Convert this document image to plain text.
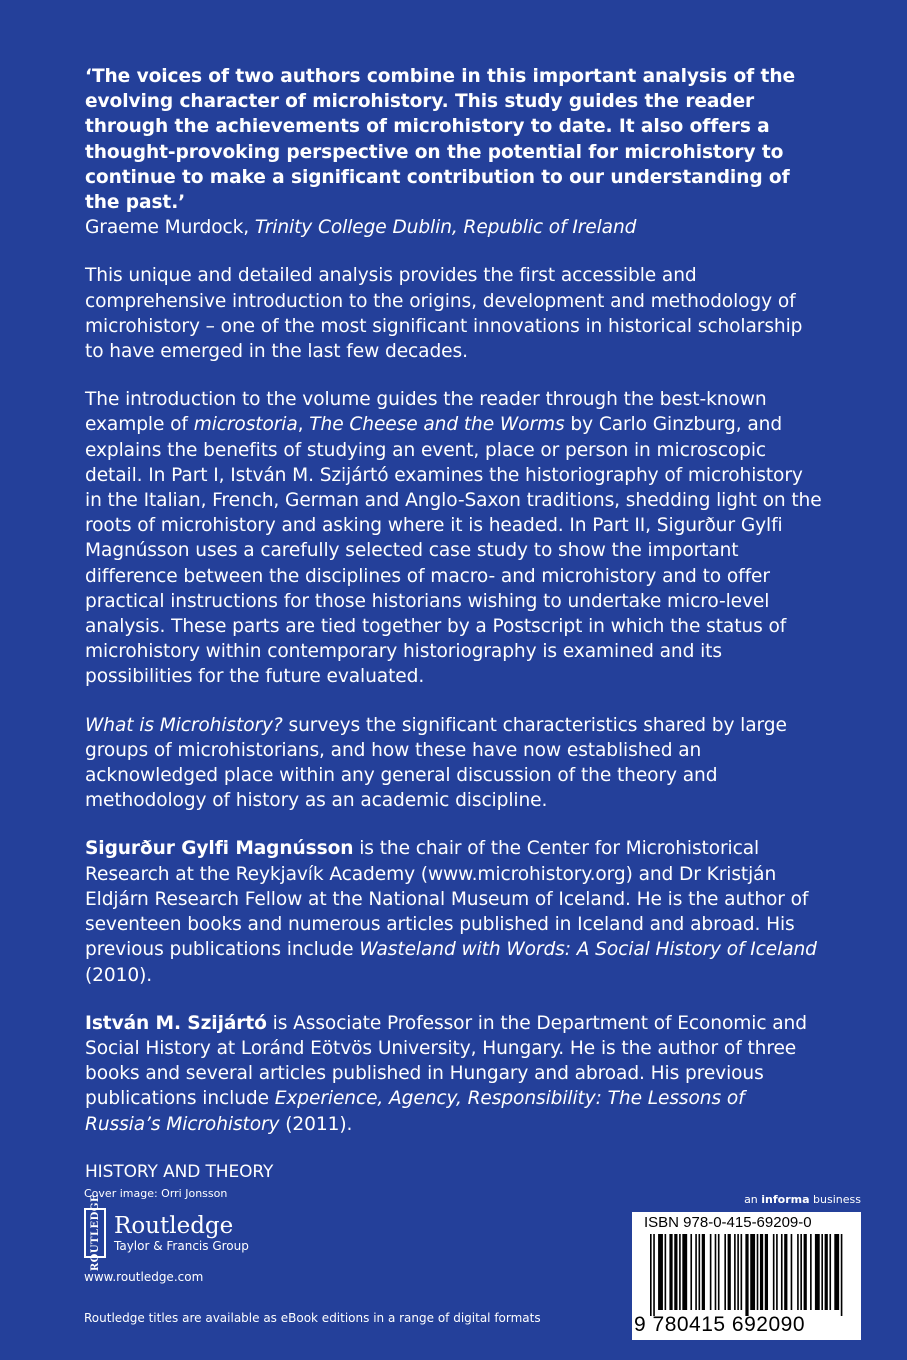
‘The voices of two authors combine in this important analysis of the evolving character of microhistory. This study guides the reader through the achievements of microhistory to date. It also offers a thought-provoking perspective on the potential for microhistory to continue to make a significant contribution to our understanding of the past.’

Graeme Murdock, Trinity College Dublin, Republic of Ireland

This unique and detailed analysis provides the first accessible and comprehensive introduction to the origins, development and methodology of microhistory – one of the most significant innovations in historical scholarship to have emerged in the last few decades.

The introduction to the volume guides the reader through the best-known example of microstoria, The Cheese and the Worms by Carlo Ginzburg, and explains the benefits of studying an event, place or person in microscopic detail. In Part I, István M. Szijártó examines the historiography of microhistory in the Italian, French, German and Anglo-Saxon traditions, shedding light on the roots of microhistory and asking where it is headed. In Part II, Sigurður Gylfi Magnússon uses a carefully selected case study to show the important difference between the disciplines of macro- and microhistory and to offer practical instructions for those historians wishing to undertake micro-level analysis. These parts are tied together by a Postscript in which the status of microhistory within contemporary historiography is examined and its possibilities for the future evaluated.

What is Microhistory? surveys the significant characteristics shared by large groups of microhistorians, and how these have now established an acknowledged place within any general discussion of the theory and methodology of history as an academic discipline.

Sigurður Gylfi Magnússon is the chair of the Center for Microhistorical Research at the Reykjavík Academy (www.microhistory.org) and Dr Kristján Eldjárn Research Fellow at the National Museum of Iceland. He is the author of seventeen books and numerous articles published in Iceland and abroad. His previous publications include Wasteland with Words: A Social History of Iceland (2010).

István M. Szijártó is Associate Professor in the Department of Economic and Social History at Loránd Eötvös University, Hungary. He is the author of three books and several articles published in Hungary and abroad. His previous publications include Experience, Agency, Responsibility: The Lessons of Russia’s Microhistory (2011).

HISTORY AND THEORY
Cover image: Orri Jonsson
ROUTLEDGE Routledge
Taylor & Francis Group
www.routledge.com
Routledge titles are available as eBook editions in a range of digital formats
an informa business
ISBN 978-0-415-69209-0
9 780415 692090
